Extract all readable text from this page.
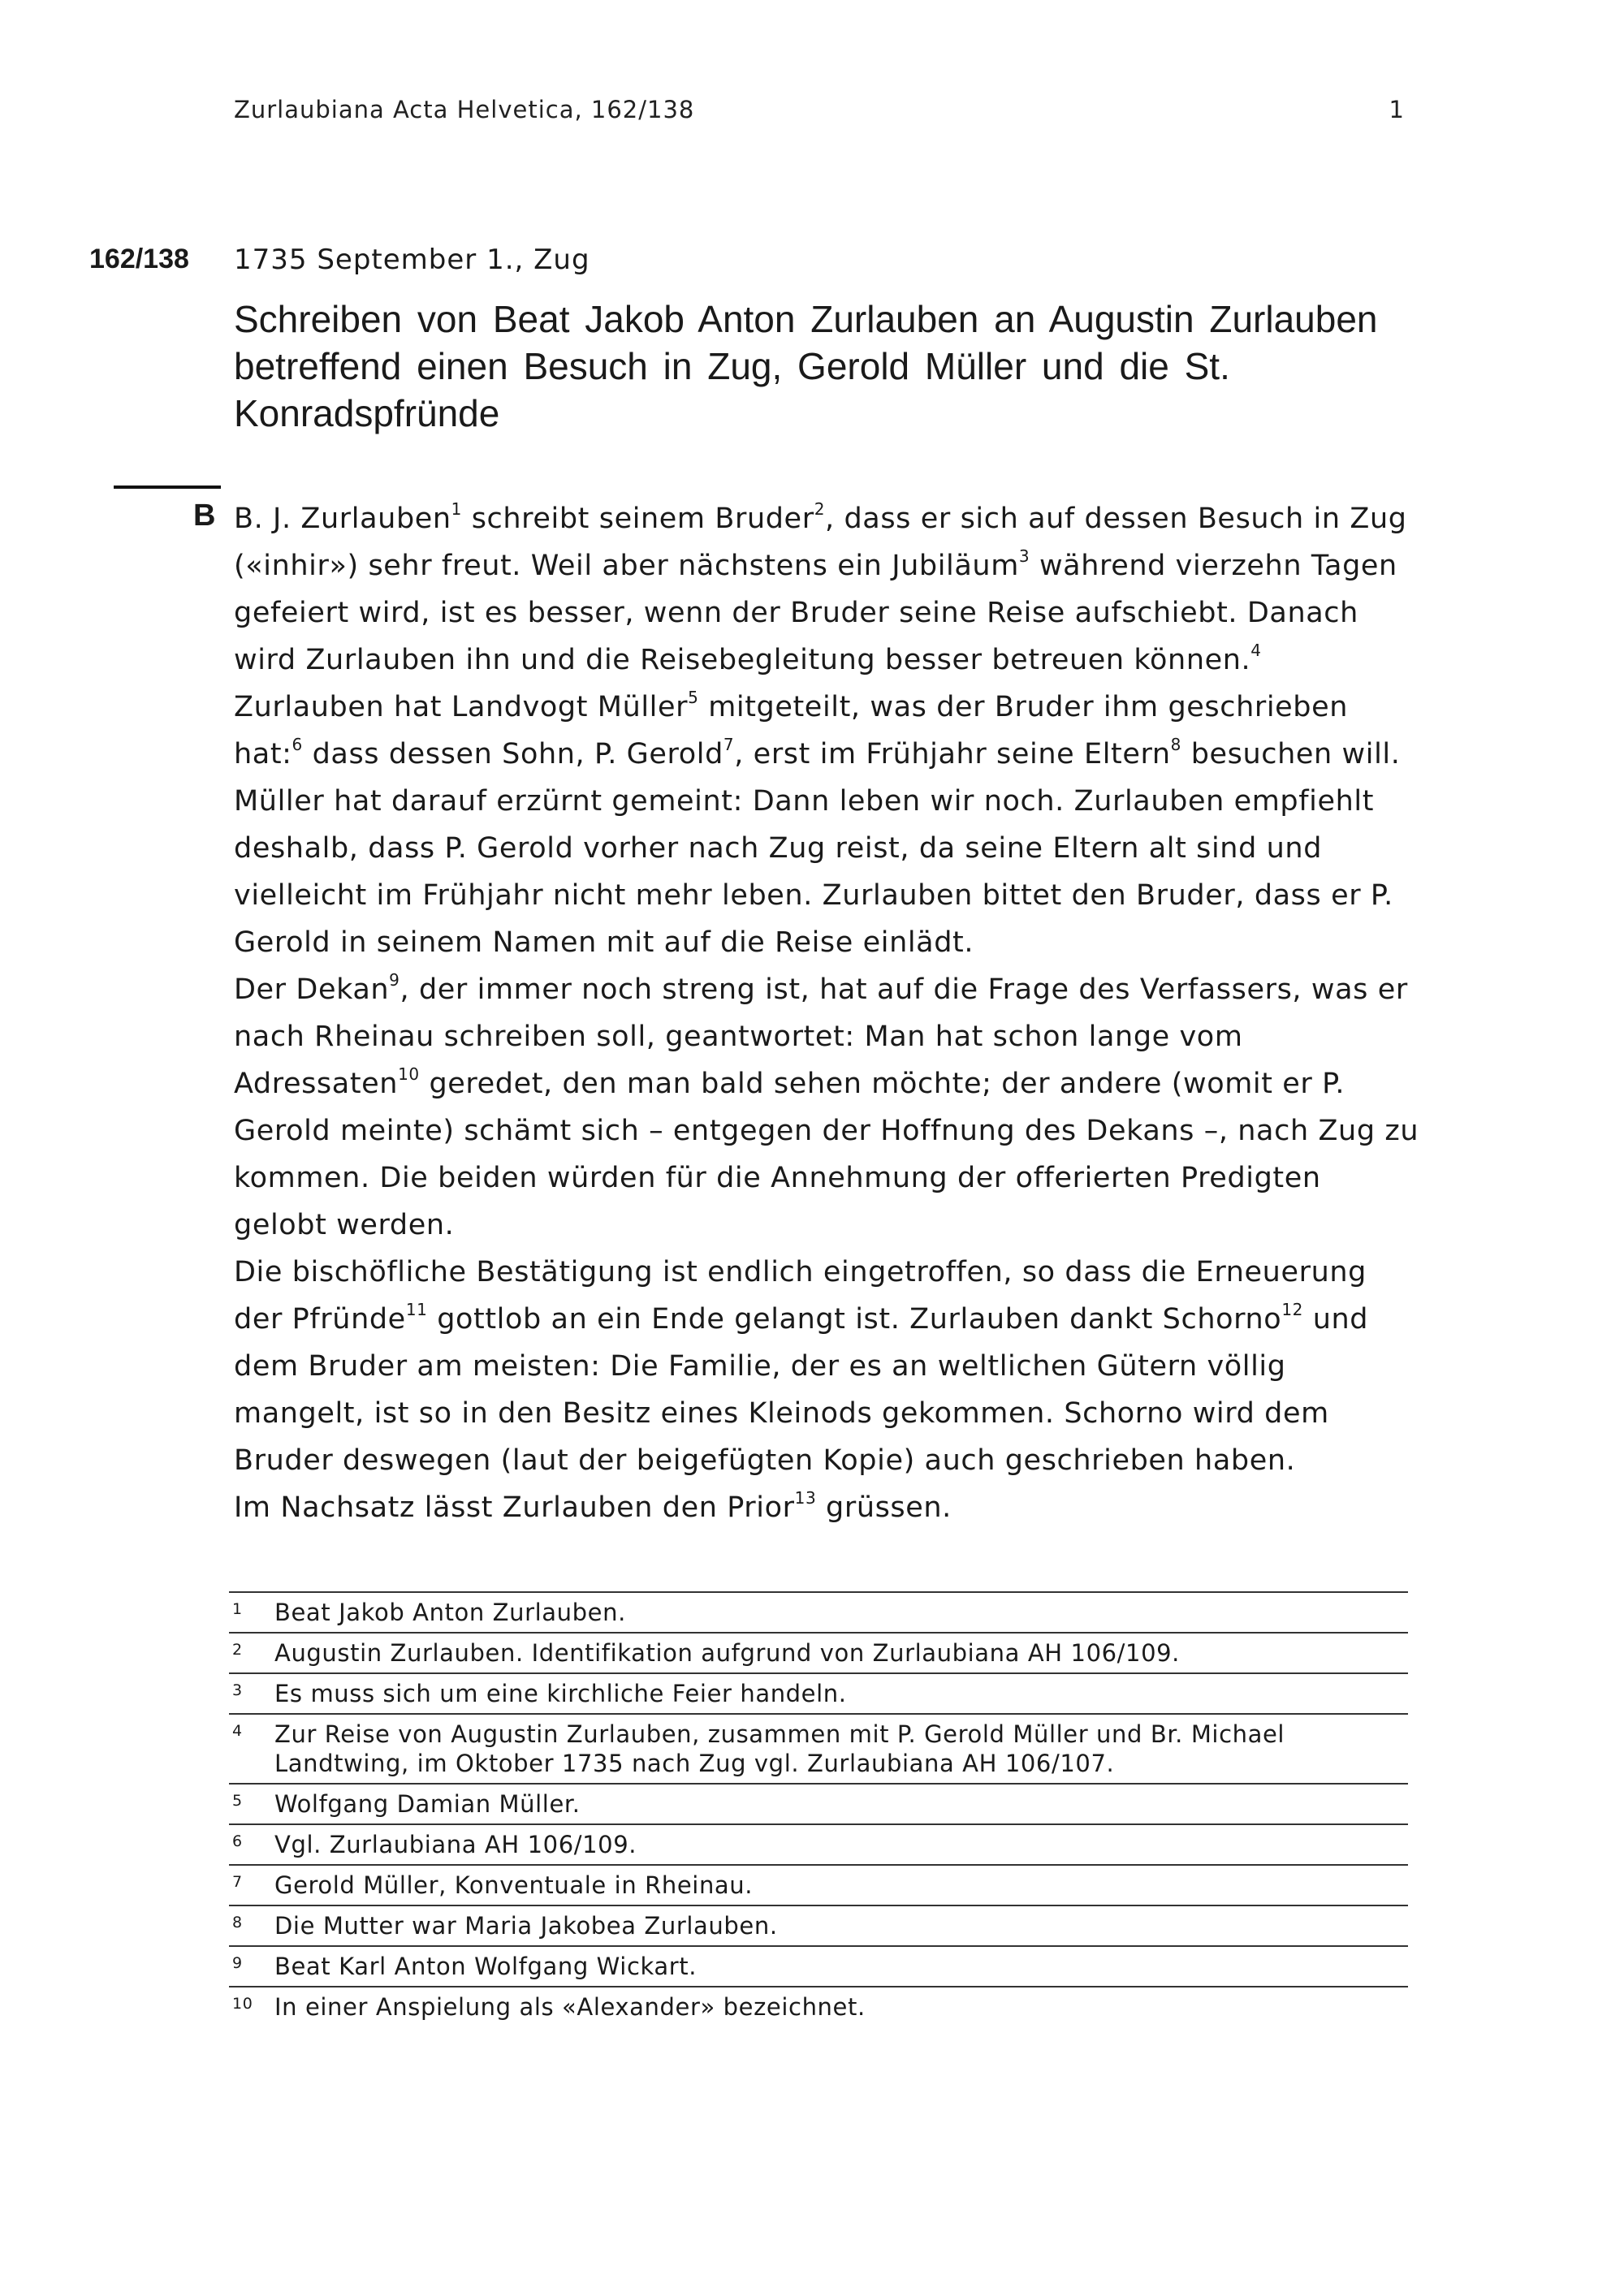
Zurlaubiana Acta Helvetica, 162/138	1
162/138 1735 September 1., Zug
Schreiben von Beat Jakob Anton Zurlauben an Augustin Zurlauben betreffend einen Besuch in Zug, Gerold Müller und die St. Konradspfründe
B B. J. Zurlauben$^1$ schreibt seinem Bruder$^2$, dass er sich auf dessen Besuch in Zug («inhir») sehr freut. Weil aber nächstens ein Jubiläum$^3$ während vierzehn Tagen gefeiert wird, ist es besser, wenn der Bruder seine Reise aufschiebt. Danach wird Zurlauben ihn und die Reisebegleitung besser betreuen können.$^4$ Zurlauben hat Landvogt Müller$^5$ mitgeteilt, was der Bruder ihm geschrieben hat:$^6$ dass dessen Sohn, P. Gerold$^7$, erst im Frühjahr seine Eltern$^8$ besuchen will. Müller hat darauf erzürnt gemeint: Dann leben wir noch. Zurlauben empfiehlt deshalb, dass P. Gerold vorher nach Zug reist, da seine Eltern alt sind und vielleicht im Frühjahr nicht mehr leben. Zurlauben bittet den Bruder, dass er P. Gerold in seinem Namen mit auf die Reise einlädt.

Der Dekan$^9$, der immer noch streng ist, hat auf die Frage des Verfassers, was er nach Rheinau schreiben soll, geantwortet: Man hat schon lange vom Adressaten$^{10}$ geredet, den man bald sehen möchte; der andere (womit er P. Gerold meinte) schämt sich – entgegen der Hoffnung des Dekans –, nach Zug zu kommen. Die beiden würden für die Annehmung der offerierten Predigten gelobt werden.

Die bischöfliche Bestätigung ist endlich eingetroffen, so dass die Erneuerung der Pfründe$^{11}$ gottlob an ein Ende gelangt ist. Zurlauben dankt Schorno$^{12}$ und dem Bruder am meisten: Die Familie, der es an weltlichen Gütern völlig mangelt, ist so in den Besitz eines Kleinods gekommen. Schorno wird dem Bruder deswegen (laut der beigefügten Kopie) auch geschrieben haben.

Im Nachsatz lässt Zurlauben den Prior$^{13}$ grüssen.

1 Beat Jakob Anton Zurlauben.
2 Augustin Zurlauben. Identifikation aufgrund von Zurlaubiana AH 106/109.
3 Es muss sich um eine kirchliche Feier handeln.
4 Zur Reise von Augustin Zurlauben, zusammen mit P. Gerold Müller und Br. Michael Landtwing, im Oktober 1735 nach Zug vgl. Zurlaubiana AH 106/107.
5 Wolfgang Damian Müller.
6 Vgl. Zurlaubiana AH 106/109.
7 Gerold Müller, Konventuale in Rheinau.
8 Die Mutter war Maria Jakobea Zurlauben.
9 Beat Karl Anton Wolfgang Wickart.
10 In einer Anspielung als «Alexander» bezeichnet.
